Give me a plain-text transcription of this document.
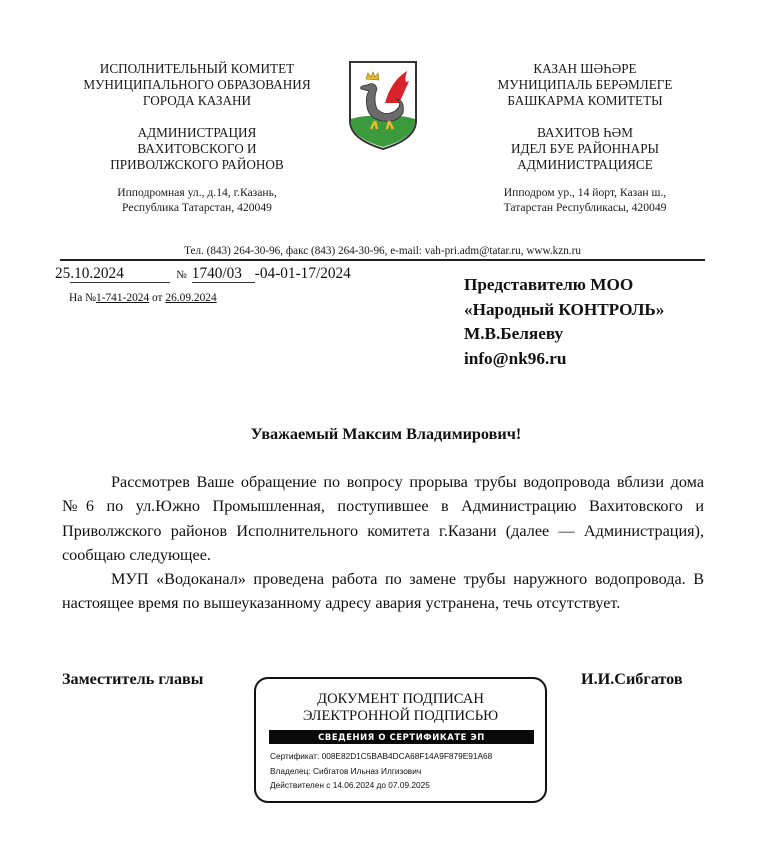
ИСПОЛНИТЕЛЬНЫЙ КОМИТЕТ
МУНИЦИПАЛЬНОГО ОБРАЗОВАНИЯ
ГОРОДА КАЗАНИ
АДМИНИСТРАЦИЯ
ВАХИТОВСКОГО И
ПРИВОЛЖСКОГО РАЙОНОВ
Ипподромная ул., д.14, г.Казань,
Республика Татарстан, 420049
КАЗАН ШӘҺӘРЕ
МУНИЦИПАЛЬ БЕРӘМЛЕГЕ
БАШКАРМА КОМИТЕТЫ
ВАХИТОВ ҺӘМ
ИДЕЛ БУЕ РАЙОННАРЫ
АДМИНИСТРАЦИЯСЕ
Ипподром ур., 14 йорт, Казан ш.,
Татарстан Республикасы, 420049
Тел. (843) 264-30-96, факс (843) 264-30-96, e-mail: vah-pri.adm@tatar.ru, www.kzn.ru
25.10.2024	№ 1740/03 -04-01-17/2024
На №1-741-2024 от 26.09.2024
Представителю МОО
«Народный КОНТРОЛЬ»
М.В.Беляеву
info@nk96.ru
Уважаемый Максим Владимирович!

Рассмотрев Ваше обращение по вопросу прорыва трубы водопровода вблизи дома №6 по ул.Южно Промышленная, поступившее в Администрацию Вахитовского и Приволжского районов Исполнительного комитета г.Казани (далее — Администрация), сообщаю следующее.

МУП «Водоканал» проведена работа по замене трубы наружного водопровода. В настоящее время по вышеуказанному адресу авария устранена, течь отсутствует.

Заместитель главы	И.И.Сибгатов
ДОКУМЕНТ ПОДПИСАН
ЭЛЕКТРОННОЙ ПОДПИСЬЮ
СВЕДЕНИЯ О СЕРТИФИКАТЕ ЭП
Сертификат: 008E82D1C5BAB4DCA68F14A9F879E91A68
Владелец: Сибгатов Ильназ Илгизович
Действителен с 14.06.2024 до 07.09.2025
